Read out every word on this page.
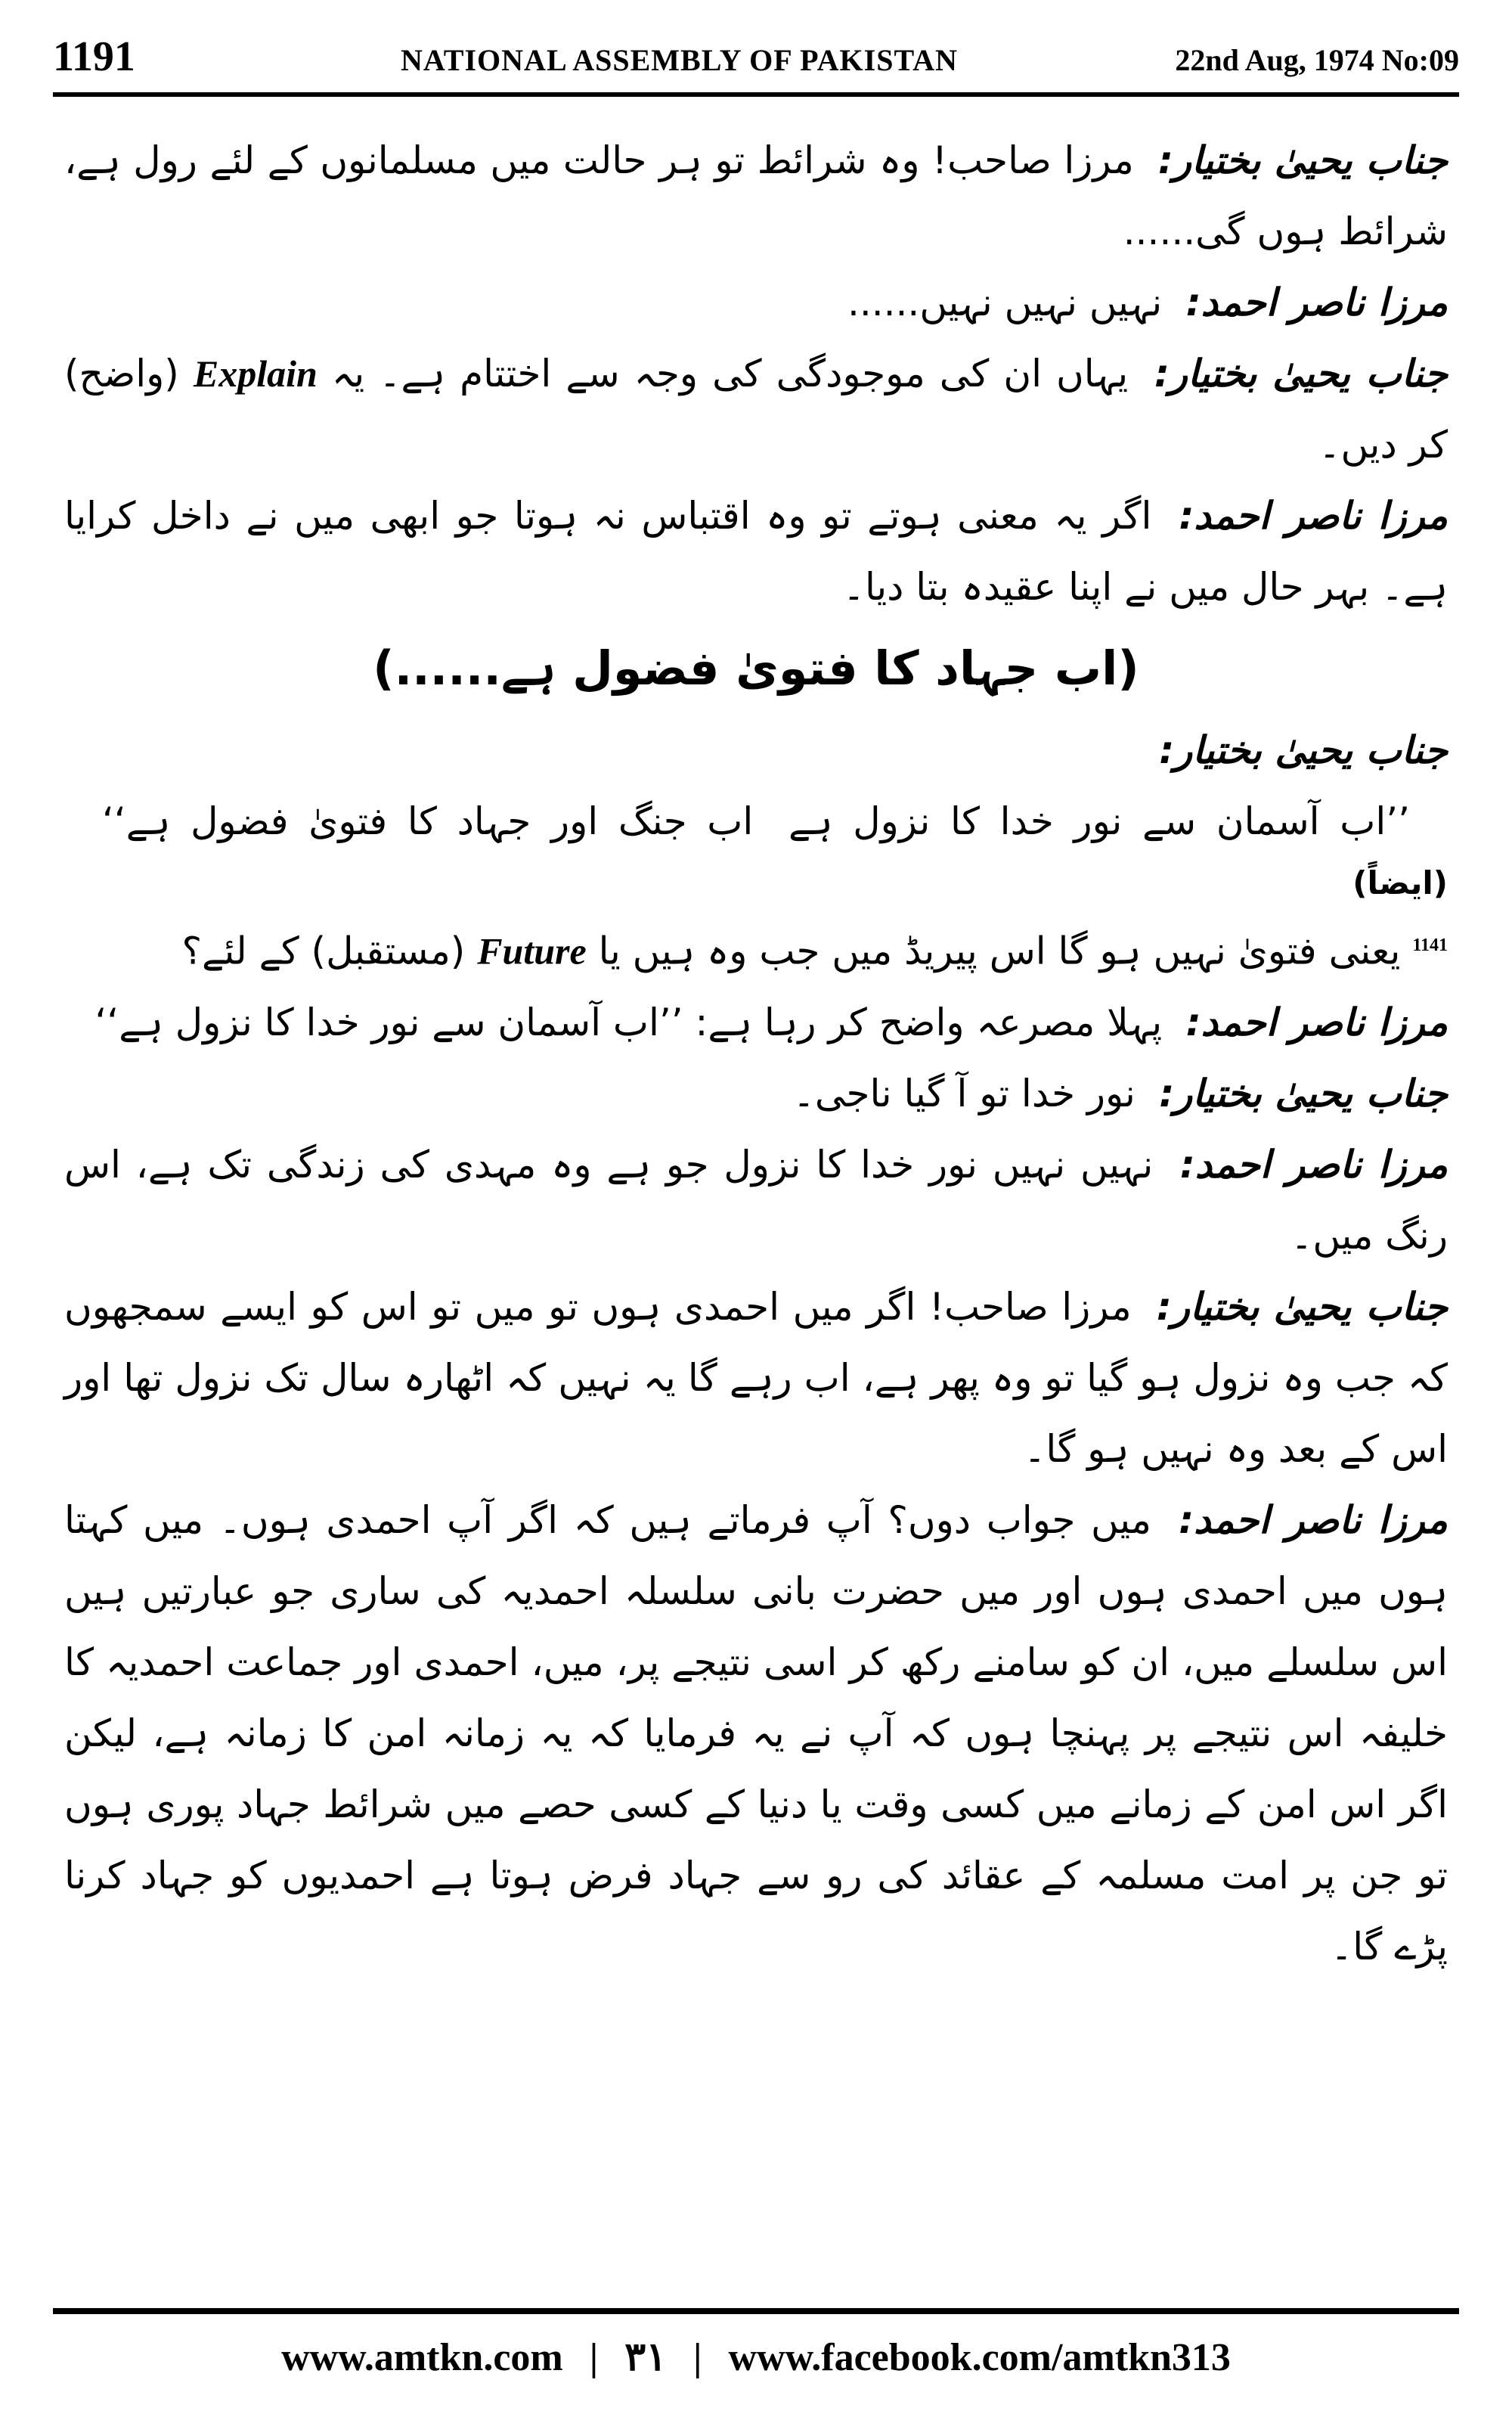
1191	NATIONAL ASSEMBLY OF PAKISTAN	22nd Aug, 1974 No:09

جناب یحییٰ بختیار: مرزا صاحب! وہ شرائط تو ہر حالت میں مسلمانوں کے لئے رول ہے، شرائط ہوں گی......

مرزا ناصر احمد: نہیں نہیں نہیں......

جناب یحییٰ بختیار: یہاں ان کی موجودگی کی وجہ سے اختتام ہے۔ یہ Explain (واضح) کر دیں۔

مرزا ناصر احمد: اگر یہ معنی ہوتے تو وہ اقتباس نہ ہوتا جو ابھی میں نے داخل کرایا ہے۔ بہر حال میں نے اپنا عقیدہ بتا دیا۔

(اب جہاد کا فتویٰ فضول ہے......)

جناب یحییٰ بختیار:

’’اب آسمان سے نور خدا کا نزول ہے اب جنگ اور جہاد کا فتویٰ فضول ہے‘‘
(ایضاً)

$^{1141}$ یعنی فتویٰ نہیں ہو گا اس پیریڈ میں جب وہ ہیں یا Future (مستقبل) کے لئے؟

مرزا ناصر احمد: پہلا مصرعہ واضح کر رہا ہے: ’’اب آسمان سے نور خدا کا نزول ہے‘‘

جناب یحییٰ بختیار: نور خدا تو آ گیا ناجی۔

مرزا ناصر احمد: نہیں نہیں نور خدا کا نزول جو ہے وہ مہدی کی زندگی تک ہے، اس رنگ میں۔

جناب یحییٰ بختیار: مرزا صاحب! اگر میں احمدی ہوں تو میں تو اس کو ایسے سمجھوں کہ جب وہ نزول ہو گیا تو وہ پھر ہے، اب رہے گا یہ نہیں کہ اٹھارہ سال تک نزول تھا اور اس کے بعد وہ نہیں ہو گا۔

مرزا ناصر احمد: میں جواب دوں؟ آپ فرماتے ہیں کہ اگر آپ احمدی ہوں۔ میں کہتا ہوں میں احمدی ہوں اور میں حضرت بانی سلسلہ احمدیہ کی ساری جو عبارتیں ہیں اس سلسلے میں، ان کو سامنے رکھ کر اسی نتیجے پر، میں، احمدی اور جماعت احمدیہ کا خلیفہ اس نتیجے پر پہنچا ہوں کہ آپ نے یہ فرمایا کہ یہ زمانہ امن کا زمانہ ہے، لیکن اگر اس امن کے زمانے میں کسی وقت یا دنیا کے کسی حصے میں شرائط جہاد پوری ہوں تو جن پر امت مسلمہ کے عقائد کی رو سے جہاد فرض ہوتا ہے احمدیوں کو جہاد کرنا پڑے گا۔

www.amtkn.com | ۳۱ | www.facebook.com/amtkn313
